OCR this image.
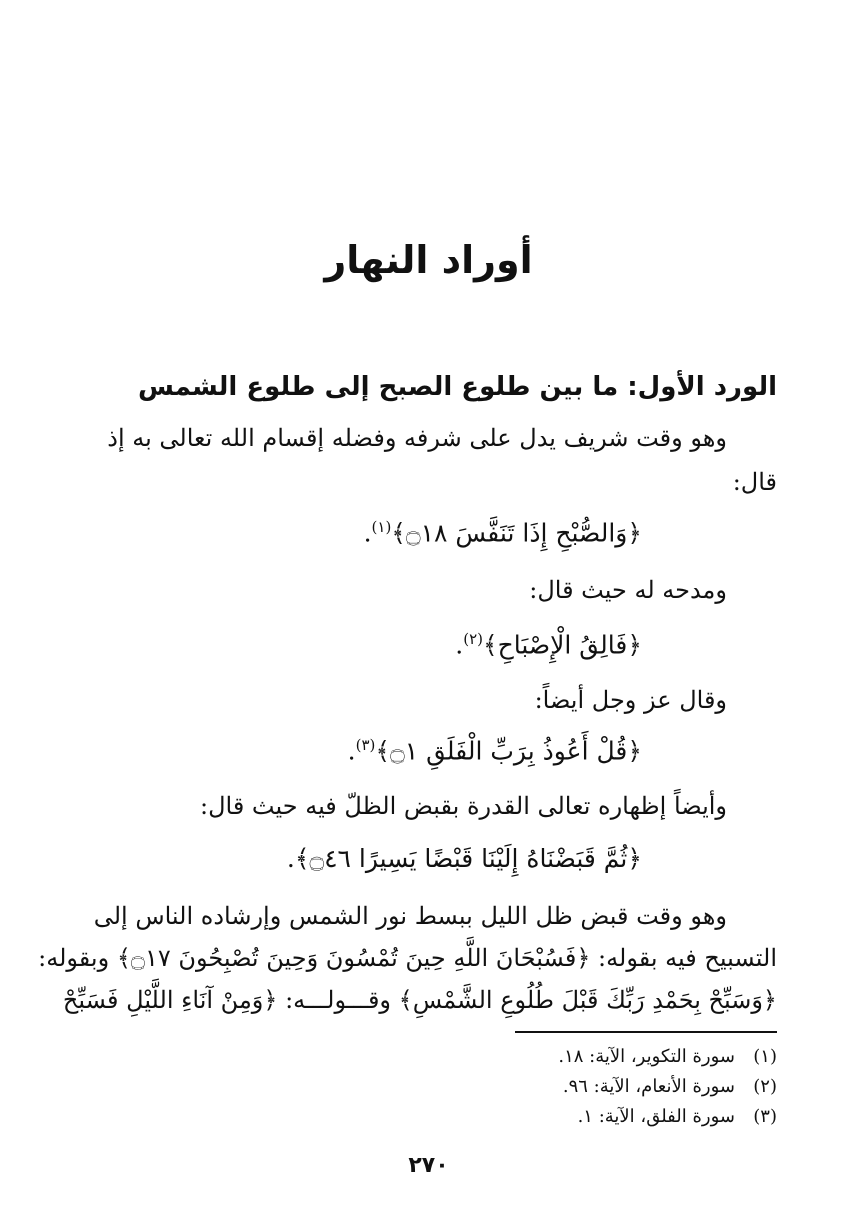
أوراد النهار
الورد الأول: ما بين طلوع الصبح إلى طلوع الشمس
وهو وقت شريف يدل على شرفه وفضله إقسام الله تعالى به إذ
قال:
﴿وَالصُّبْحِ إِذَا تَنَفَّسَ ۝١٨﴾$^{(١)}$.
ومدحه له حيث قال:
﴿فَالِقُ الْإِصْبَاحِ﴾$^{(٢)}$.
وقال عز وجل أيضاً:
﴿قُلْ أَعُوذُ بِرَبِّ الْفَلَقِ ۝١﴾$^{(٣)}$.
وأيضاً إظهاره تعالى القدرة بقبض الظلّ فيه حيث قال:
﴿ثُمَّ قَبَضْنَاهُ إِلَيْنَا قَبْضًا يَسِيرًا ۝٤٦﴾.
وهو وقت قبض ظل الليل ببسط نور الشمس وإرشاده الناس إلى
التسبيح فيه بقوله: ﴿فَسُبْحَانَ اللَّهِ حِينَ تُمْسُونَ وَحِينَ تُصْبِحُونَ ۝١٧﴾ وبقوله:
﴿وَسَبِّحْ بِحَمْدِ رَبِّكَ قَبْلَ طُلُوعِ الشَّمْسِ﴾ وقـــولـــه: ﴿وَمِنْ آنَاءِ اللَّيْلِ فَسَبِّحْ
(١)سورة التكوير، الآية: ١٨.
(٢)سورة الأنعام، الآية: ٩٦.
(٣)سورة الفلق، الآية: ١.
٢٧٠
